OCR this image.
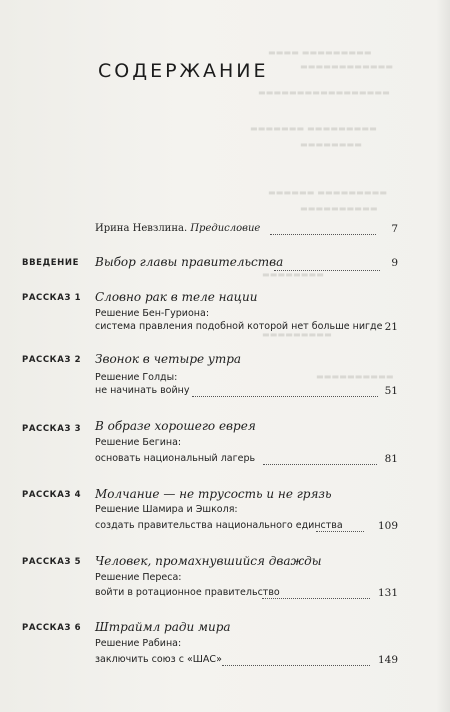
▬▬▬▬ ▬▬▬▬▬▬▬▬▬
▬▬▬▬▬▬▬▬▬▬▬▬
▬▬▬▬▬▬▬▬▬▬▬▬▬▬▬▬▬
▬▬▬▬▬▬▬ ▬▬▬▬▬▬▬▬▬
▬▬▬▬▬▬▬▬
▬▬▬▬▬▬ ▬▬▬▬▬▬▬▬▬
▬▬▬▬▬▬▬▬▬▬
▬▬▬▬▬▬▬▬
▬▬▬▬▬▬▬▬▬
▬▬▬▬▬▬▬▬▬▬
СОДЕРЖАНИЕ
Ирина Невзлина. Предисловие	7
ВВЕДЕНИЕ Выбор главы правительства	9
РАССКАЗ 1 Словно рак в теле нации
Решение Бен-Гуриона:
система правления подобной которой нет больше нигде 21
РАССКАЗ 2 Звонок в четыре утра
Решение Голды:
не начинать войну	51
РАССКАЗ 3 В образе хорошего еврея
Решение Бегина:
основать национальный лагерь	81
РАССКАЗ 4 Молчание — не трусость и не грязь
Решение Шамира и Эшколя:
создать правительства национального единства	109
РАССКАЗ 5 Человек, промахнувшийся дважды
Решение Переса:
войти в ротационное правительство	131
РАССКАЗ 6 Штраймл ради мира
Решение Рабина:
заключить союз с «ШАС»	149
